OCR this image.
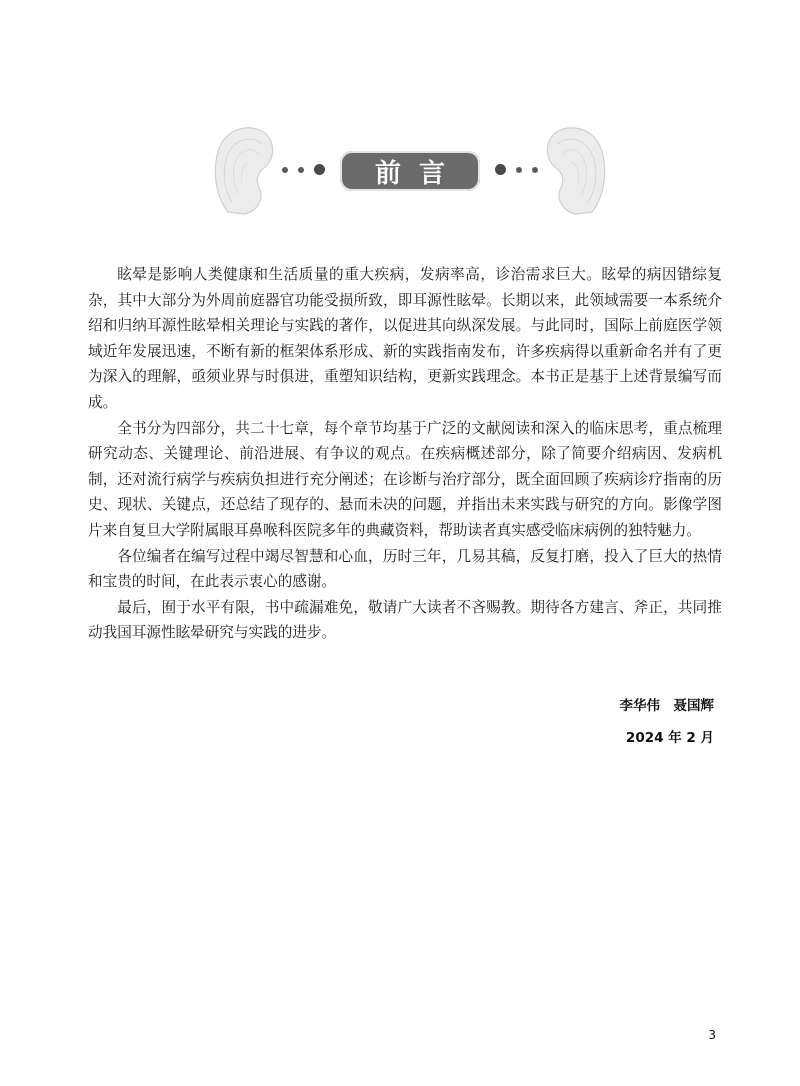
前言

眩晕是影响人类健康和生活质量的重大疾病，发病率高，诊治需求巨大。眩晕的病因错综复杂，其中大部分为外周前庭器官功能受损所致，即耳源性眩晕。长期以来，此领域需要一本系统介绍和归纳耳源性眩晕相关理论与实践的著作，以促进其向纵深发展。与此同时，国际上前庭医学领域近年发展迅速，不断有新的框架体系形成、新的实践指南发布，许多疾病得以重新命名并有了更为深入的理解，亟须业界与时俱进，重塑知识结构，更新实践理念。本书正是基于上述背景编写而成。

全书分为四部分，共二十七章，每个章节均基于广泛的文献阅读和深入的临床思考，重点梳理研究动态、关键理论、前沿进展、有争议的观点。在疾病概述部分，除了简要介绍病因、发病机制，还对流行病学与疾病负担进行充分阐述；在诊断与治疗部分，既全面回顾了疾病诊疗指南的历史、现状、关键点，还总结了现存的、悬而未决的问题，并指出未来实践与研究的方向。影像学图片来自复旦大学附属眼耳鼻喉科医院多年的典藏资料，帮助读者真实感受临床病例的独特魅力。

各位编者在编写过程中竭尽智慧和心血，历时三年，几易其稿，反复打磨，投入了巨大的热情和宝贵的时间，在此表示衷心的感谢。

最后，囿于水平有限，书中疏漏难免，敬请广大读者不吝赐教。期待各方建言、斧正，共同推动我国耳源性眩晕研究与实践的进步。

李华伟　聂国辉
2024 年 2 月
3
